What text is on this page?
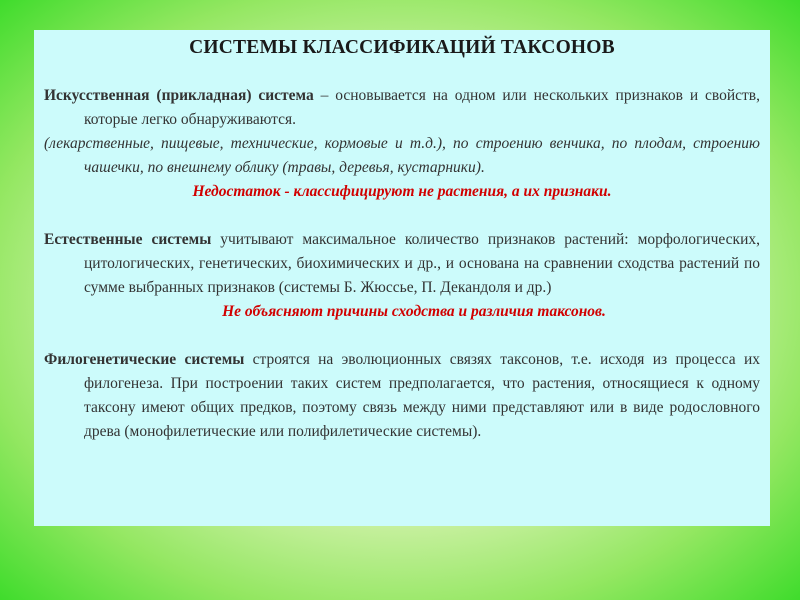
СИСТЕМЫ КЛАССИФИКАЦИЙ ТАКСОНОВ

Искусственная (прикладная) система – основывается на одном или нескольких признаков и свойств, которые легко обнаруживаются.

(лекарственные, пищевые, технические, кормовые и т.д.), по строению венчика, по плодам, строению чашечки, по внешнему облику (травы, деревья, кустарники).

Недостаток - классифицируют не растения, а их признаки.

Естественные системы учитывают максимальное количество признаков растений: морфологических, цитологических, генетических, биохимических и др., и основана на сравнении сходства растений по сумме выбранных признаков (системы Б. Жюссье, П. Декандоля и др.)

Не объясняют причины сходства и различия таксонов.

Филогенетические системы строятся на эволюционных связях таксонов, т.е. исходя из процесса их филогенеза. При построении таких систем предполагается, что растения, относящиеся к одному таксону имеют общих предков, поэтому связь между ними представляют или в виде родословного древа (монофилетические или полифилетические системы).
